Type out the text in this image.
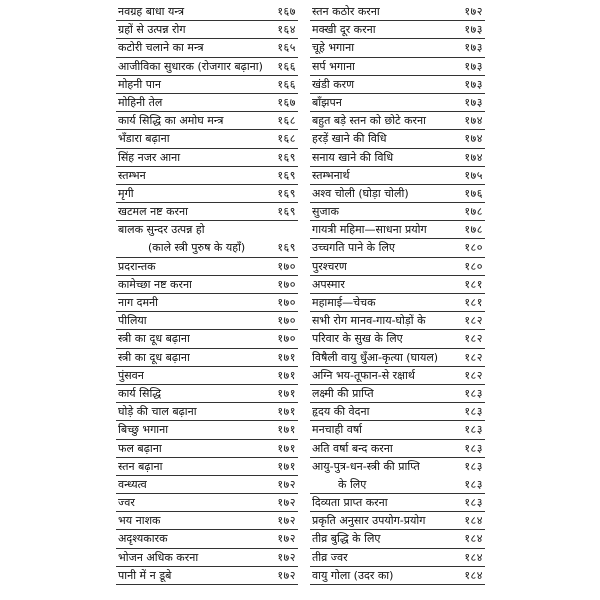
नवग्रह बाधा यन्त्र	१६७
ग्रहों से उत्पन्न रोग	१६४
कटोरी चलाने का मन्त्र	१६५
आजीविका सुधारक (रोजगार बढ़ाना) १६६
मोहनी पान	१६६
मोहिनी तेल	१६७
कार्य सिद्धि का अमोघ मन्त्र	१६८
भँडारा बढ़ाना	१६८
सिंह नजर आना	१६९
स्तम्भन	१६९
मृगी	१६९
खटमल नष्ट करना	१६९
बालक सुन्दर उत्पन्न हो
(काले स्त्री पुरुष के यहाँ)	१६९
प्रदरान्तक	१७०
कामेच्छा नष्ट करना	१७०
नाग दमनी	१७०
पीलिया	१७०
स्त्री का दूध बढ़ाना	१७०
स्त्री का दूध बढ़ाना	१७१
पुंसवन	१७१
कार्य सिद्धि	१७१
घोड़े की चाल बढ़ाना	१७१
बिच्छु भगाना	१७१
फल बढ़ाना	१७१
स्तन बढ़ाना	१७१
वन्ध्यत्व	१७२
ज्वर	१७२
भय नाशक	१७२
अदृश्यकारक	१७२
भोजन अधिक करना	१७२
पानी में न डूबे	१७२
स्तन कठोर करना	१७२
मक्खी दूर करना	१७३
चूहे भगाना	१७३
सर्प भगाना	१७३
खंडी करण	१७३
बाँझपन	१७३
बहुत बड़े स्तन को छोटे करना	१७४
हरड़ें खाने की विधि	१७४
सनाय खाने की विधि	१७४
स्तम्भनार्थ	१७५
अश्व चोली (घोड़ा चोली)	१७६
सुजाक	१७८
गायत्री महिमा—साधना प्रयोग	१७८
उच्चगति पाने के लिए	१८०
पुरश्चरण	१८०
अपस्मार	१८१
महामाई—चेचक	१८१
सभी रोग मानव-गाय-घोड़ों के	१८२
परिवार के सुख के लिए	१८२
विषैली वायु धुँआ-कृत्या (घायल) १८२
अग्नि भय-तूफान-से रक्षार्थ	१८२
लक्ष्मी की प्राप्ति	१८३
हृदय की वेदना	१८३
मनचाही वर्षा	१८३
अति वर्षा बन्द करना	१८३
आयु-पुत्र-धन-स्त्री की प्राप्ति	१८३
के लिए	१८३
दिव्यता प्राप्त करना	१८३
प्रकृति अनुसार उपयोग-प्रयोग	१८४
तीव्र बुद्धि के लिए	१८४
तीव्र ज्वर	१८४
वायु गोला (उदर का)	१८४
